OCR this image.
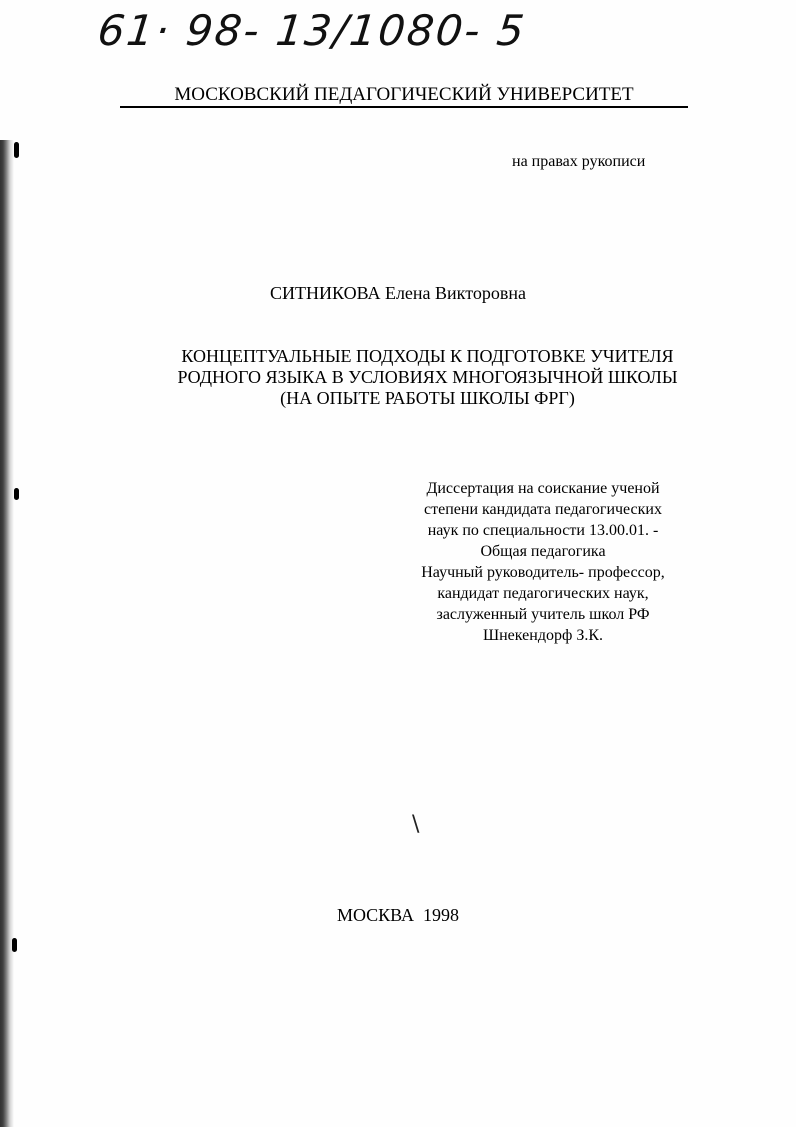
61· 98- 13/1080- 5
МОСКОВСКИЙ ПЕДАГОГИЧЕСКИЙ УНИВЕРСИТЕТ
на правах рукописи
СИТНИКОВА Елена Викторовна
КОНЦЕПТУАЛЬНЫЕ ПОДХОДЫ К ПОДГОТОВКЕ УЧИТЕЛЯ
РОДНОГО ЯЗЫКА В УСЛОВИЯХ МНОГОЯЗЫЧНОЙ ШКОЛЫ
(НА ОПЫТЕ РАБОТЫ ШКОЛЫ ФРГ)
Диссертация на соискание ученой
степени кандидата педагогических
наук по специальности 13.00.01. -
Общая педагогика
Научный руководитель- профессор,
кандидат педагогических наук,
заслуженный учитель школ РФ
Шнекендорф З.К.
\
МОСКВА  1998
